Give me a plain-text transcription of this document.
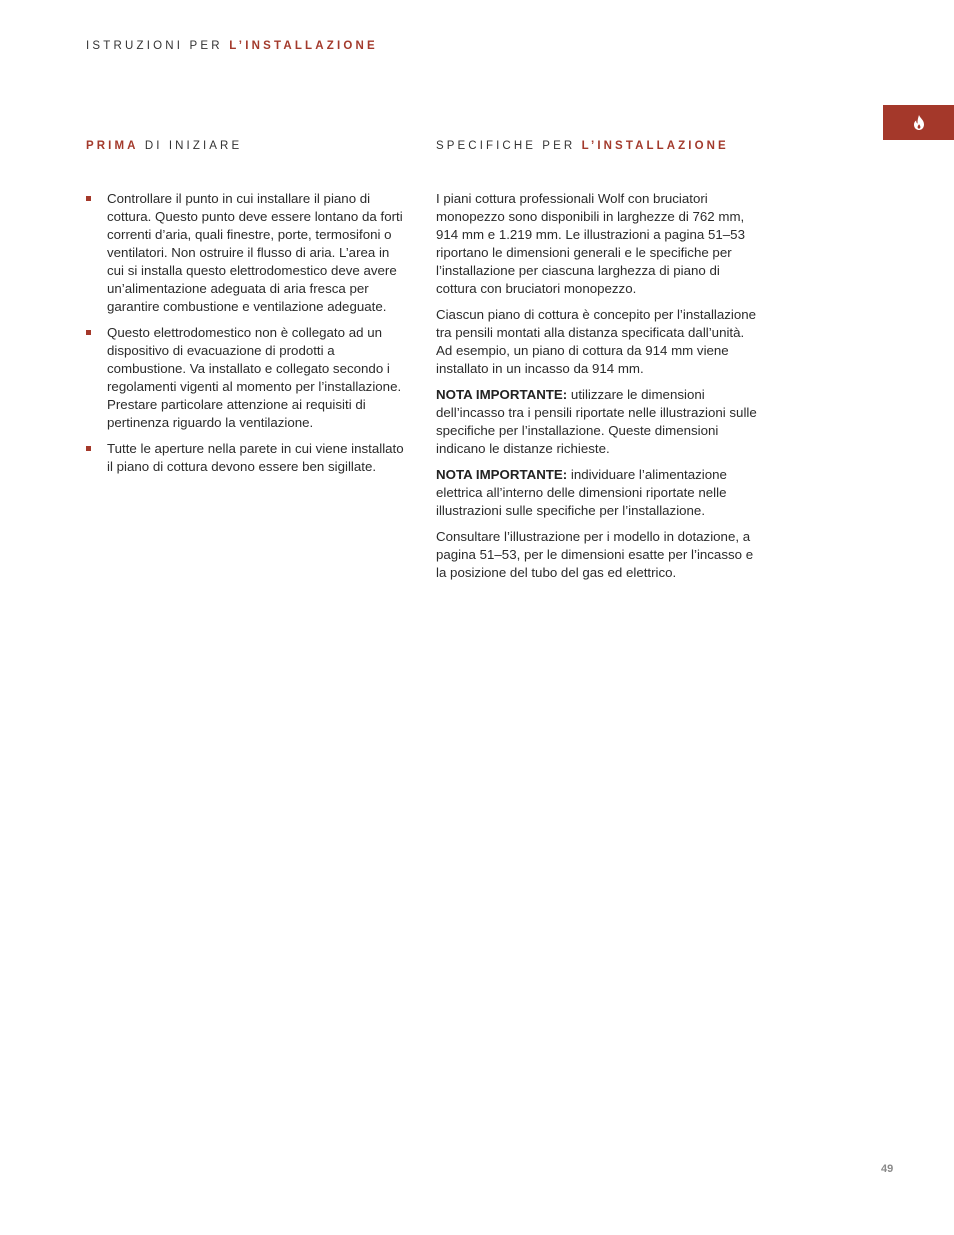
ISTRUZIONI PER L’INSTALLAZIONE
PRIMA DI INIZIARE
Controllare il punto in cui installare il piano di cottura. Questo punto deve essere lontano da forti correnti d’aria, quali finestre, porte, termosifoni o ventilatori. Non ostruire il flusso di aria. L’area in cui si installa questo elettrodomestico deve avere un’alimentazione adeguata di aria fresca per garantire combustione e ventilazione adeguate.
Questo elettrodomestico non è collegato ad un dispositivo di evacuazione di prodotti a combustione. Va installato e collegato secondo i regolamenti vigenti al momento per l’installazione. Prestare particolare attenzione ai requisiti di pertinenza riguardo la ventilazione.
Tutte le aperture nella parete in cui viene installato il piano di cottura devono essere ben sigillate.
SPECIFICHE PER L’INSTALLAZIONE

I piani cottura professionali Wolf con bruciatori monopezzo sono disponibili in larghezze di 762 mm, 914 mm e 1.219 mm. Le illustrazioni a pagina 51–53 riportano le dimensioni generali e le specifiche per l’installazione per ciascuna larghezza di piano di cottura con bruciatori monopezzo.

Ciascun piano di cottura è concepito per l’installazione tra pensili montati alla distanza specificata dall’unità. Ad esempio, un piano di cottura da 914 mm viene installato in un incasso da 914 mm.

NOTA IMPORTANTE: utilizzare le dimensioni dell’incasso tra i pensili riportate nelle illustrazioni sulle specifiche per l’installazione. Queste dimensioni indicano le distanze richieste.

NOTA IMPORTANTE: individuare l’alimentazione elettrica all’interno delle dimensioni riportate nelle illustrazioni sulle specifiche per l’installazione.

Consultare l’illustrazione per i modello in dotazione, a pagina 51–53, per le dimensioni esatte per l’incasso e la posizione del tubo del gas ed elettrico.

49
